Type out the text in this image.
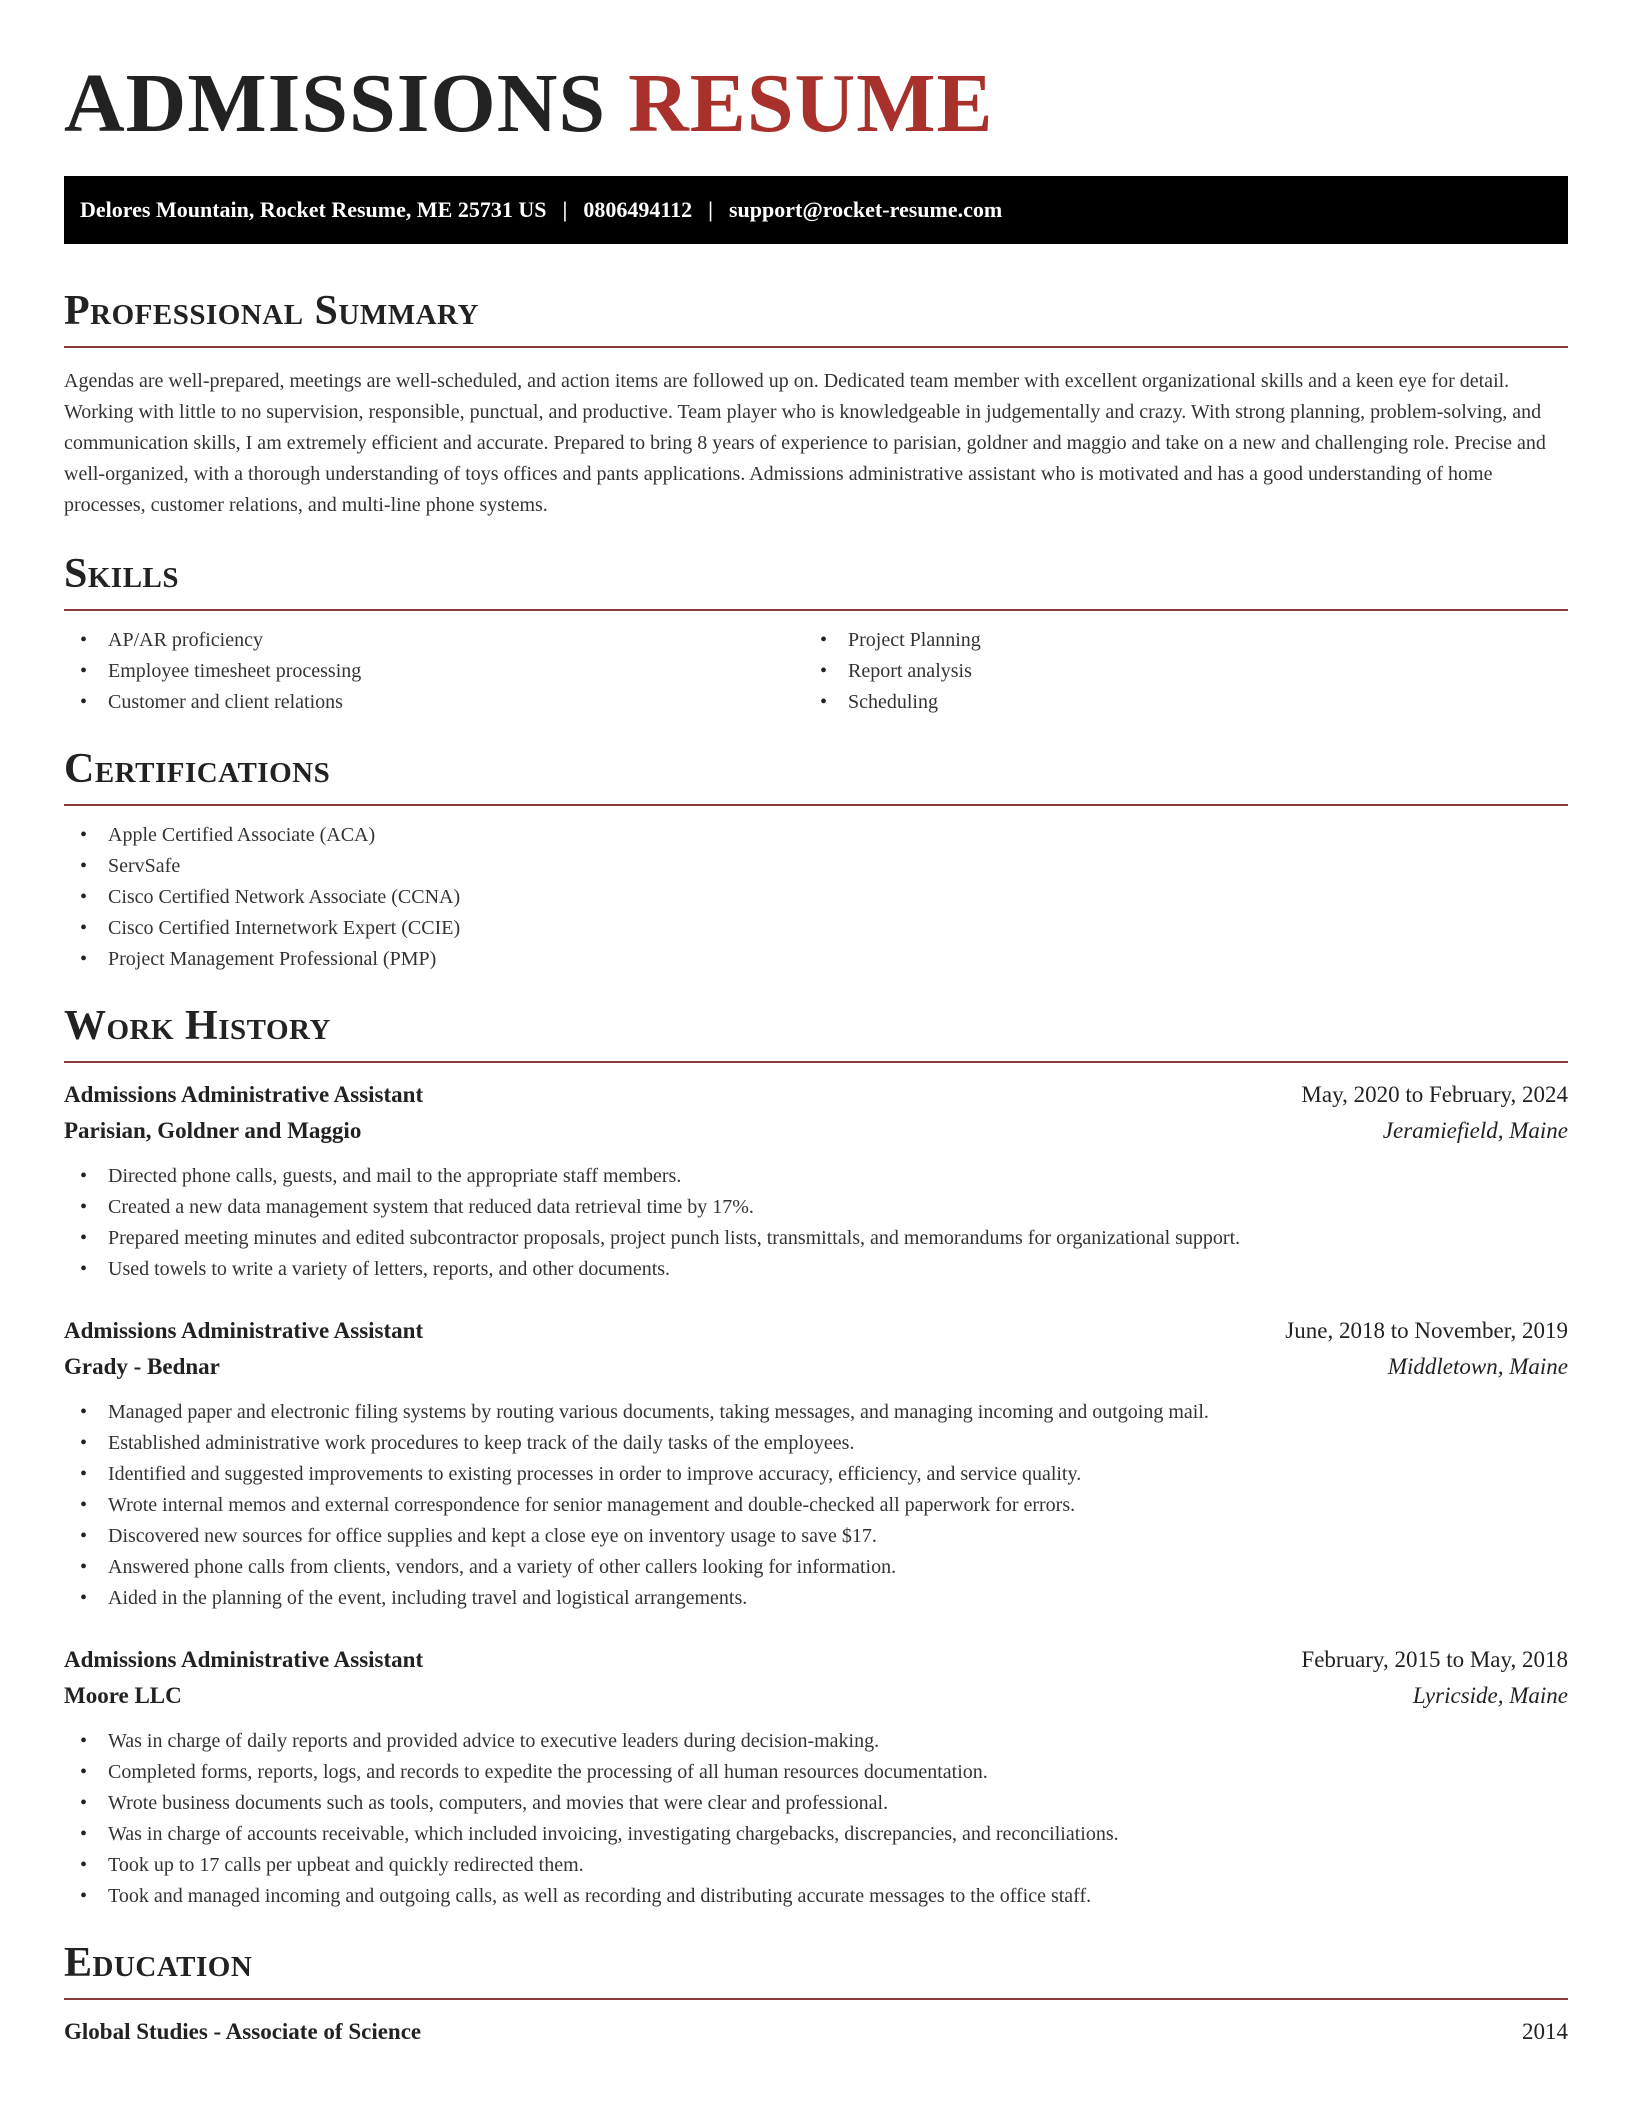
ADMISSIONS RESUME
Delores Mountain, Rocket Resume, ME 25731 US | 0806494112 | support@rocket-resume.com
Professional Summary

Agendas are well-prepared, meetings are well-scheduled, and action items are followed up on. Dedicated team member with excellent organizational skills and a keen eye for detail. Working with little to no supervision, responsible, punctual, and productive. Team player who is knowledgeable in judgementally and crazy. With strong planning, problem-solving, and communication skills, I am extremely efficient and accurate. Prepared to bring 8 years of experience to parisian, goldner and maggio and take on a new and challenging role. Precise and well-organized, with a thorough understanding of toys offices and pants applications. Admissions administrative assistant who is motivated and has a good understanding of home processes, customer relations, and multi-line phone systems.

Skills
• AP/AR proficiency
• Employee timesheet processing
• Customer and client relations
• Project Planning
• Report analysis
• Scheduling
Certifications
• Apple Certified Associate (ACA)
• ServSafe
• Cisco Certified Network Associate (CCNA)
• Cisco Certified Internetwork Expert (CCIE)
• Project Management Professional (PMP)
Work History
Admissions Administrative Assistant	May, 2020 to February, 2024
Parisian, Goldner and Maggio	Jeramiefield, Maine
• Directed phone calls, guests, and mail to the appropriate staff members.
• Created a new data management system that reduced data retrieval time by 17%.
• Prepared meeting minutes and edited subcontractor proposals, project punch lists, transmittals, and memorandums for organizational support.
• Used towels to write a variety of letters, reports, and other documents.
Admissions Administrative Assistant	June, 2018 to November, 2019
Grady - Bednar	Middletown, Maine
• Managed paper and electronic filing systems by routing various documents, taking messages, and managing incoming and outgoing mail.
• Established administrative work procedures to keep track of the daily tasks of the employees.
• Identified and suggested improvements to existing processes in order to improve accuracy, efficiency, and service quality.
• Wrote internal memos and external correspondence for senior management and double-checked all paperwork for errors.
• Discovered new sources for office supplies and kept a close eye on inventory usage to save $17.
• Answered phone calls from clients, vendors, and a variety of other callers looking for information.
• Aided in the planning of the event, including travel and logistical arrangements.
Admissions Administrative Assistant	February, 2015 to May, 2018
Moore LLC	Lyricside, Maine
• Was in charge of daily reports and provided advice to executive leaders during decision-making.
• Completed forms, reports, logs, and records to expedite the processing of all human resources documentation.
• Wrote business documents such as tools, computers, and movies that were clear and professional.
• Was in charge of accounts receivable, which included invoicing, investigating chargebacks, discrepancies, and reconciliations.
• Took up to 17 calls per upbeat and quickly redirected them.
• Took and managed incoming and outgoing calls, as well as recording and distributing accurate messages to the office staff.
Education
Global Studies - Associate of Science	2014
